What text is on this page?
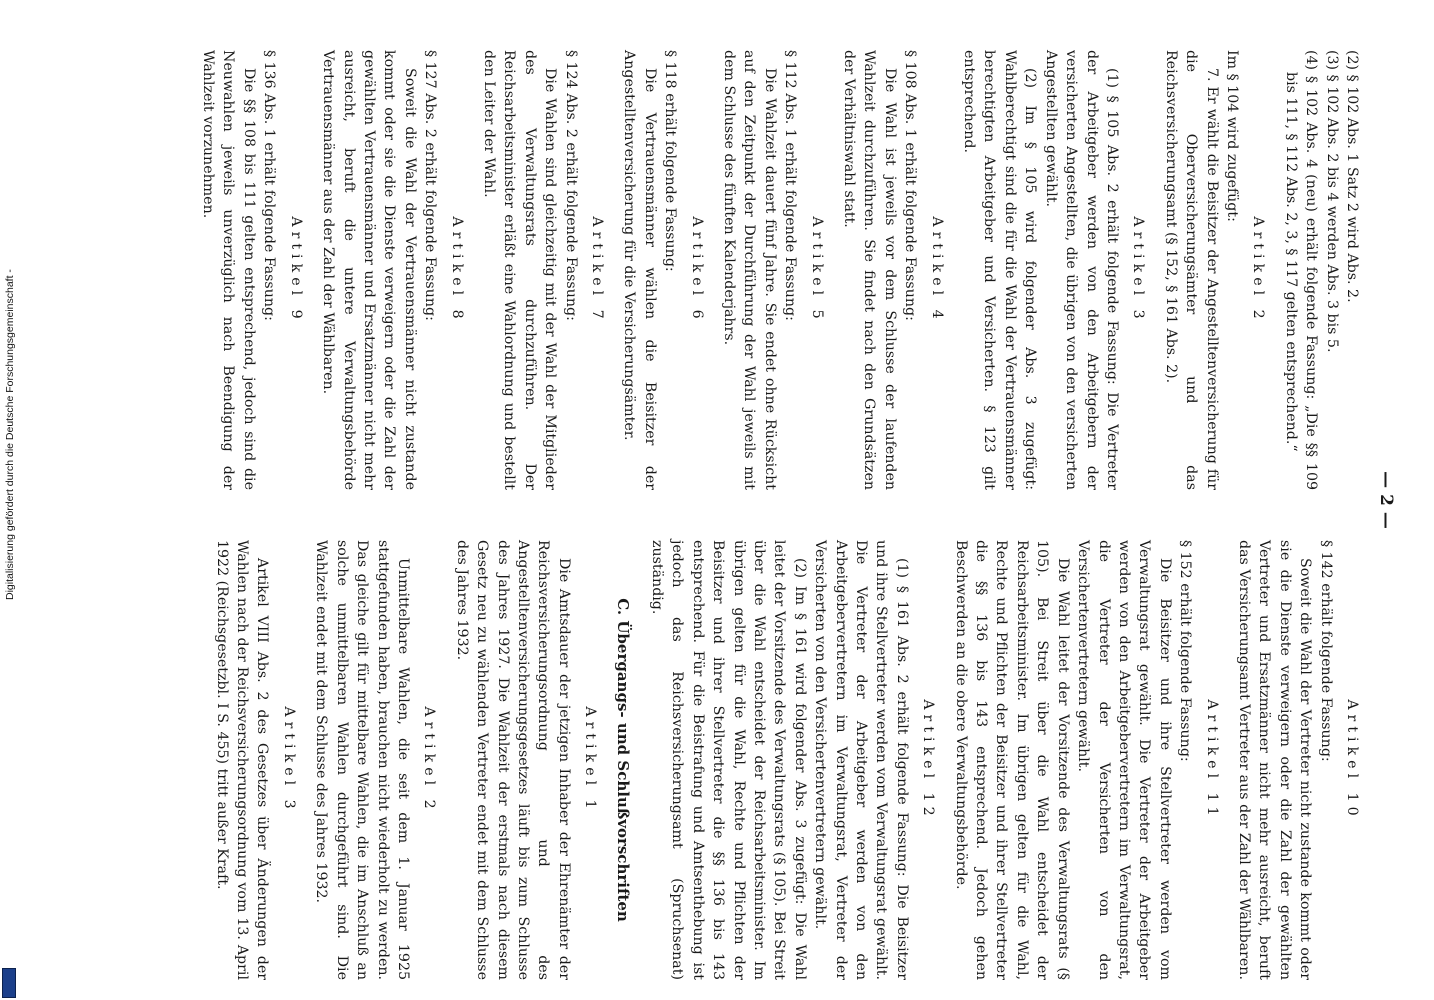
— 2 —

(2) § 102 Abs. 1 Satz 2 wird Abs. 2.

(3) § 102 Abs. 2 bis 4 werden Abs. 3 bis 5.

(4) § 102 Abs. 4 (neu) erhält folgende Fassung: „Die §§ 109 bis 111, § 112 Abs. 2, 3, § 117 gelten entsprechend.“

Artikel 2

Im § 104 wird zugefügt:

7. Er wählt die Beisitzer der Angestelltenversicherung für die Oberversicherungsämter und das Reichsversicherungsamt (§ 152, § 161 Abs. 2).

Artikel 3

(1) § 105 Abs. 2 erhält folgende Fassung: Die Vertreter der Arbeitgeber werden von den Arbeitgebern der versicherten Angestellten, die übrigen von den versicherten Angestellten gewählt.

(2) Im § 105 wird folgender Abs. 3 zugefügt: Wahlberechtigt sind die für die Wahl der Vertrauensmänner berechtigten Arbeitgeber und Versicherten. § 123 gilt entsprechend.

Artikel 4

§ 108 Abs. 1 erhält folgende Fassung:

Die Wahl ist jeweils vor dem Schlusse der laufenden Wahlzeit durchzuführen. Sie findet nach den Grundsätzen der Verhältniswahl statt.

Artikel 5

§ 112 Abs. 1 erhält folgende Fassung:

Die Wahlzeit dauert fünf Jahre. Sie endet ohne Rücksicht auf den Zeitpunkt der Durchführung der Wahl jeweils mit dem Schlusse des fünften Kalenderjahrs.

Artikel 6

§ 118 erhält folgende Fassung:

Die Vertrauensmänner wählen die Beisitzer der Angestelltenversicherung für die Versicherungsämter.

Artikel 7

§ 124 Abs. 2 erhält folgende Fassung:

Die Wahlen sind gleichzeitig mit der Wahl der Mitglieder des Verwaltungsrats durchzuführen. Der Reichsarbeitsminister erläßt eine Wahlordnung und bestellt den Leiter der Wahl.

Artikel 8

§ 127 Abs. 2 erhält folgende Fassung:

Soweit die Wahl der Vertrauensmänner nicht zustande kommt oder sie die Dienste verweigern oder die Zahl der gewählten Vertrauensmänner und Ersatzmänner nicht mehr ausreicht, beruft die untere Verwaltungsbehörde Vertrauensmänner aus der Zahl der Wählbaren.

Artikel 9

§ 136 Abs. 1 erhält folgende Fassung:

Die §§ 108 bis 111 gelten entsprechend, jedoch sind die Neuwahlen jeweils unverzüglich nach Beendigung der Wahlzeit vorzunehmen.

Artikel 10

§ 142 erhält folgende Fassung:

Soweit die Wahl der Vertreter nicht zustande kommt oder sie die Dienste verweigern oder die Zahl der gewählten Vertreter und Ersatzmänner nicht mehr ausreicht, beruft das Versicherungsamt Vertreter aus der Zahl der Wählbaren.

Artikel 11

§ 152 erhält folgende Fassung:

Die Beisitzer und ihre Stellvertreter werden vom Verwaltungsrat gewählt. Die Vertreter der Arbeitgeber werden von den Arbeitgebervertretern im Verwaltungsrat, die Vertreter der Versicherten von den Versichertenvertretern gewählt.

Die Wahl leitet der Vorsitzende des Verwaltungsrats (§ 105). Bei Streit über die Wahl entscheidet der Reichsarbeitsminister. Im übrigen gelten für die Wahl, Rechte und Pflichten der Beisitzer und ihrer Stellvertreter die §§ 136 bis 143 entsprechend. Jedoch gehen Beschwerden an die obere Verwaltungsbehörde.

Artikel 12

(1) § 161 Abs. 2 erhält folgende Fassung: Die Beisitzer und ihre Stellvertreter werden vom Verwaltungsrat gewählt. Die Vertreter der Arbeitgeber werden von den Arbeitgebervertretern im Verwaltungsrat, Vertreter der Versicherten von den Versichertenvertretern gewählt.

(2) Im § 161 wird folgender Abs. 3 zugefügt: Die Wahl leitet der Vorsitzende des Verwaltungsrats (§ 105). Bei Streit über die Wahl entscheidet der Reichsarbeitsminister. Im übrigen gelten für die Wahl, Rechte und Pflichten der Beisitzer und ihrer Stellvertreter die §§ 136 bis 143 entsprechend. Für die Beistrafung und Amtsenthebung ist jedoch das Reichsversicherungsamt (Spruchsenat) zuständig.

C. Übergangs- und Schlußvorschriften
Artikel 1

Die Amtsdauer der jetzigen Inhaber der Ehrenämter der Reichsversicherungsordnung und des Angestelltenversicherungsgesetzes läuft bis zum Schlusse des Jahres 1927. Die Wahlzeit der erstmals nach diesem Gesetz neu zu wählenden Vertreter endet mit dem Schlusse des Jahres 1932.

Artikel 2

Unmittelbare Wahlen, die seit dem 1. Januar 1925 stattgefunden haben, brauchen nicht wiederholt zu werden. Das gleiche gilt für mittelbare Wahlen, die im Anschluß an solche unmittelbaren Wahlen durchgeführt sind. Die Wahlzeit endet mit dem Schlusse des Jahres 1932.

Artikel 3

Artikel VIII Abs. 2 des Gesetzes über Änderungen der Wahlen nach der Reichsversicherungsordnung vom 13. April 1922 (Reichsgesetzbl. I S. 455) tritt außer Kraft.

Digitalisierung gefördert durch die Deutsche Forschungsgemeinschaft -
